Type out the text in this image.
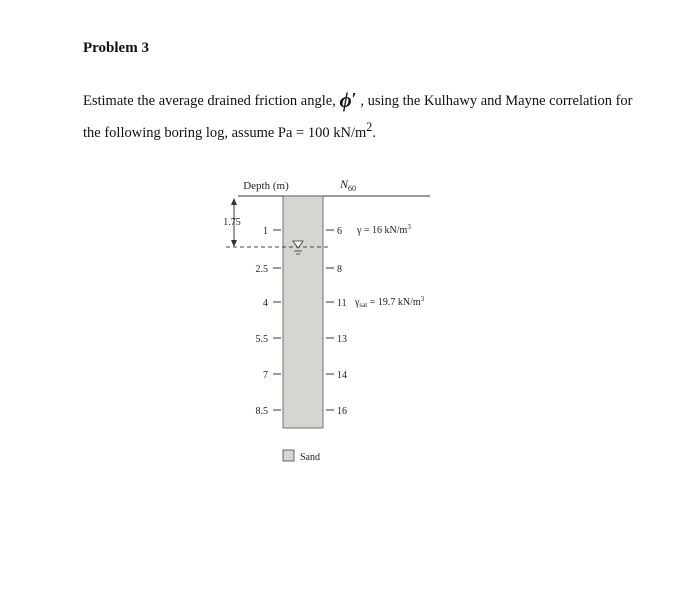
Problem 3
Estimate the average drained friction angle, ϕ′ , using the Kulhawy and Mayne correlation for
the following boring log, assume Pa = 100 $kN/m^2$.
Depth (m)	$N_{60}$
1.75
1	6 γ = 16 $kN/m^3$
2.5	8
4	11 $\gamma_{sat} = 19.7$ $kN/m^3$
5.5	13
7	14
8.5	16
Sand
